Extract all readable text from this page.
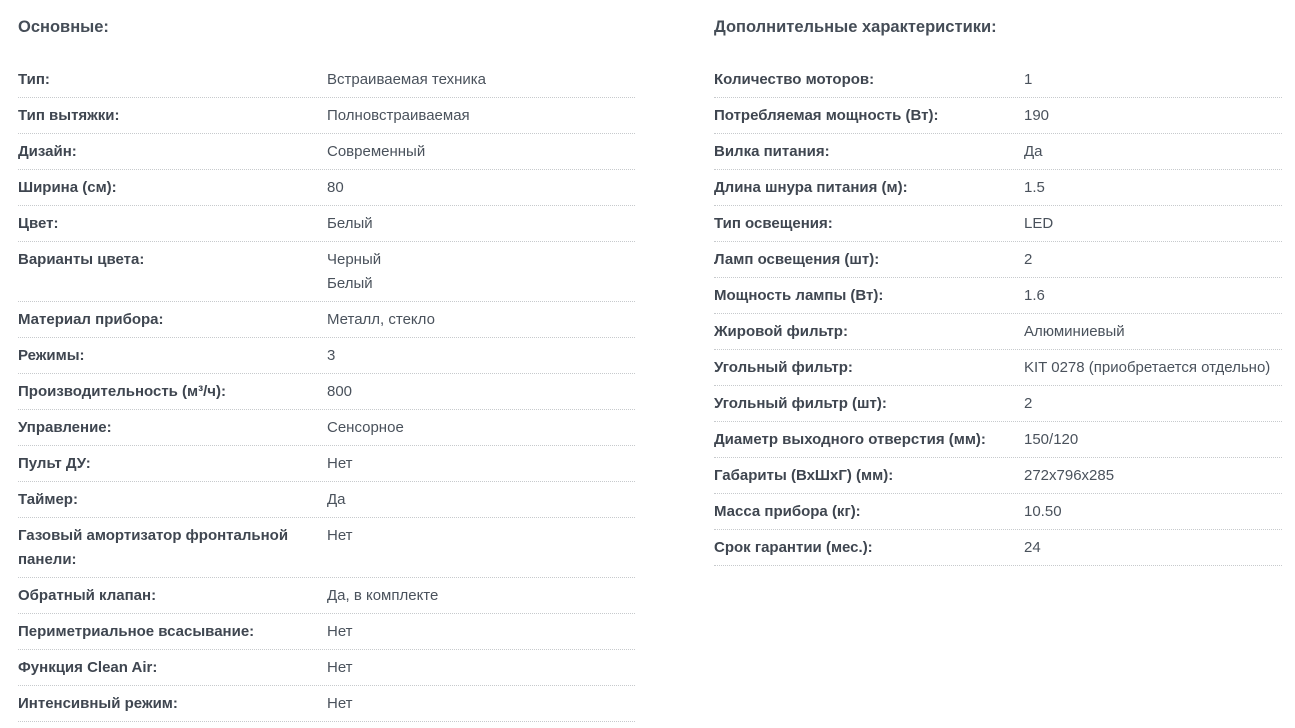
Основные:
Тип:	Встраиваемая техника
Тип вытяжки:	Полновстраиваемая
Дизайн:	Современный
Ширина (см):	80
Цвет:	Белый
Варианты цвета:	Черный
Белый
Материал прибора:	Металл, стекло
Режимы:	3
Производительность (м³/ч):	800
Управление:	Сенсорное
Пульт ДУ:	Нет
Таймер:	Да
Газовый амортизатор фронтальной панели:
Нет
Обратный клапан:	Да, в комплекте
Периметриальное всасывание:	Нет
Функция Clean Air:	Нет
Интенсивный режим:	Нет
Дополнительные характеристики:
Количество моторов:	1
Потребляемая мощность (Вт):	190
Вилка питания:	Да
Длина шнура питания (м):	1.5
Тип освещения:	LED
Ламп освещения (шт):	2
Мощность лампы (Вт):	1.6
Жировой фильтр:	Алюминиевый
Угольный фильтр:	KIT 0278 (приобретается отдельно)
Угольный фильтр (шт):	2
Диаметр выходного отверстия (мм):	150/120
Габариты (ВхШхГ) (мм):	272x796x285
Масса прибора (кг):	10.50
Срок гарантии (мес.):	24
